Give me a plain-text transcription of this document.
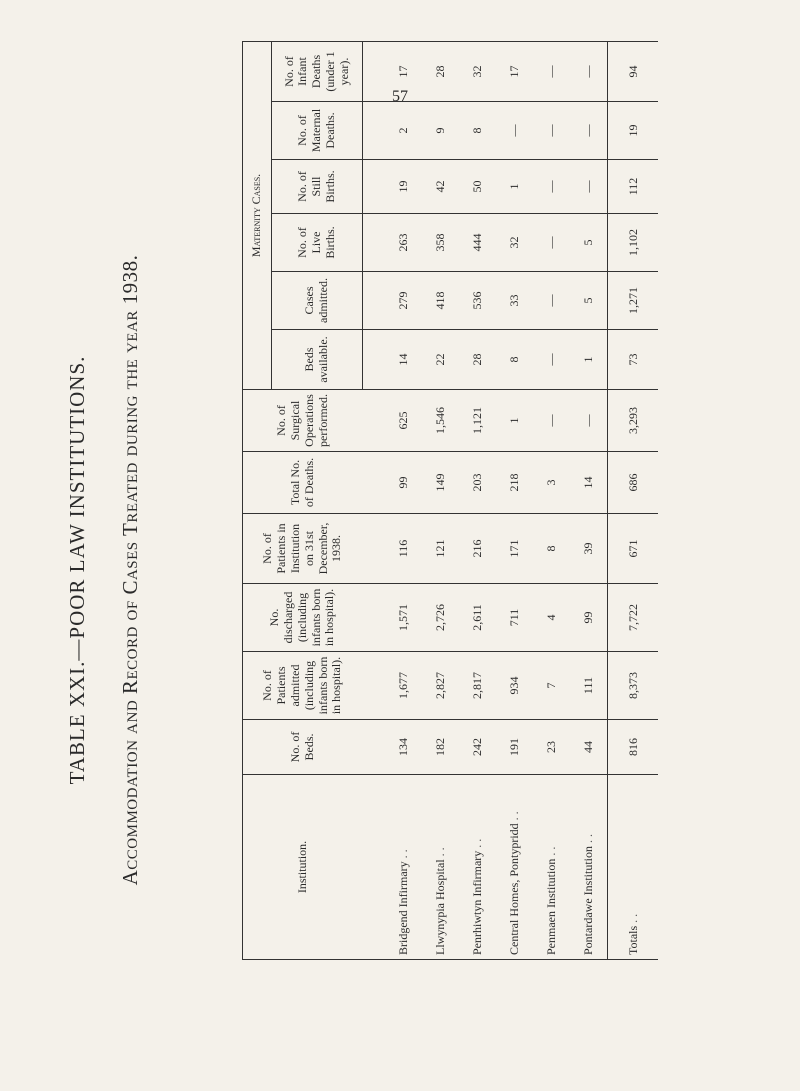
57
TABLE XXI.—POOR LAW INSTITUTIONS. Accommodation and Record of Cases Treated during the year 1938.	Institution.	No. of Beds.	No. of Patients admitted (including infants born in hospital).	No. discharged (including infants born in hospital).	No. of Patients in Institution on 31st December, 1938.	Total No. of Deaths.	No. of Surgical Operations performed.	Maternity Cases.					
							Beds available.	Cases admitted.	No. of Live Births.	No. of Still Births.	No. of Maternal Deaths.	No. of Infant Deaths (under 1 year).
Bridgend Infirmary . .	134	1,677	1,571	116	99	625	14	279	263	19	2	17
Llwynypia Hospital . .	182	2,827	2,726	121	149	1,546	22	418	358	42	9	28
Penrhiwtyn Infirmary . .	242	2,817	2,611	216	203	1,121	28	536	444	50	8	32
Central Homes, Pontypridd . .	191	934	711	171	218	1	8	33	32	1	—	17
Penmaen Institution . .	23	7	4	8	3	—	—	—	—	—	—	—
Pontardawe Institution . .	44	111	99	39	14	—	1	5	5	—	—	—
Totals . .	816	8,373	7,722	671	686	3,293	73	1,271	1,102	112	19	94
